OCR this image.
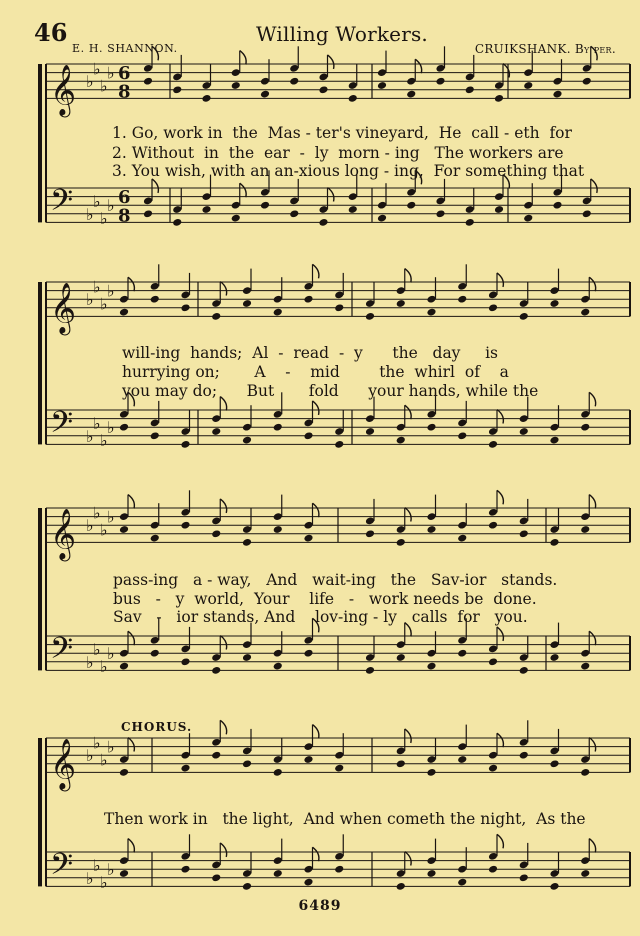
46	Willing Workers.
E. H. SHANNON.	CRUIKSHANK. By per.
𝄞 ♭
♭
♭
♭ 6
8
𝄢 ♭
♭
♭
♭ 6
8
𝄞 ♭
♭
♭
♭
𝄢 ♭
♭
♭
♭
𝄞 ♭
♭
♭
♭
𝄢 ♭
♭
♭
♭
𝄞 ♭
♭
♭
♭
𝄢 ♭
♭
♭
♭
1. Go, work in  the  Mas - ter's vineyard,  He  call - eth  for
2. Without  in  the  ear  -  ly  morn - ing   The workers are
3. You wish, with an an-xious long - ing,  For something that
will-ing  hands;  Al  -  read  -  y      the   day     is
hurrying on;       A    -    mid        the  whirl  of    a
you may do;      But       fold      your hands, while the
pass-ing   a - way,   And   wait-ing   the   Sav-ior   stands.
bus   -   y  world,  Your    life   -   work needs be  done.
Sav   -   ior stands, And    lov-ing - ly   calls  for   you.
CHORUS.
Then work in   the light,  And when cometh the night,  As the
6489
